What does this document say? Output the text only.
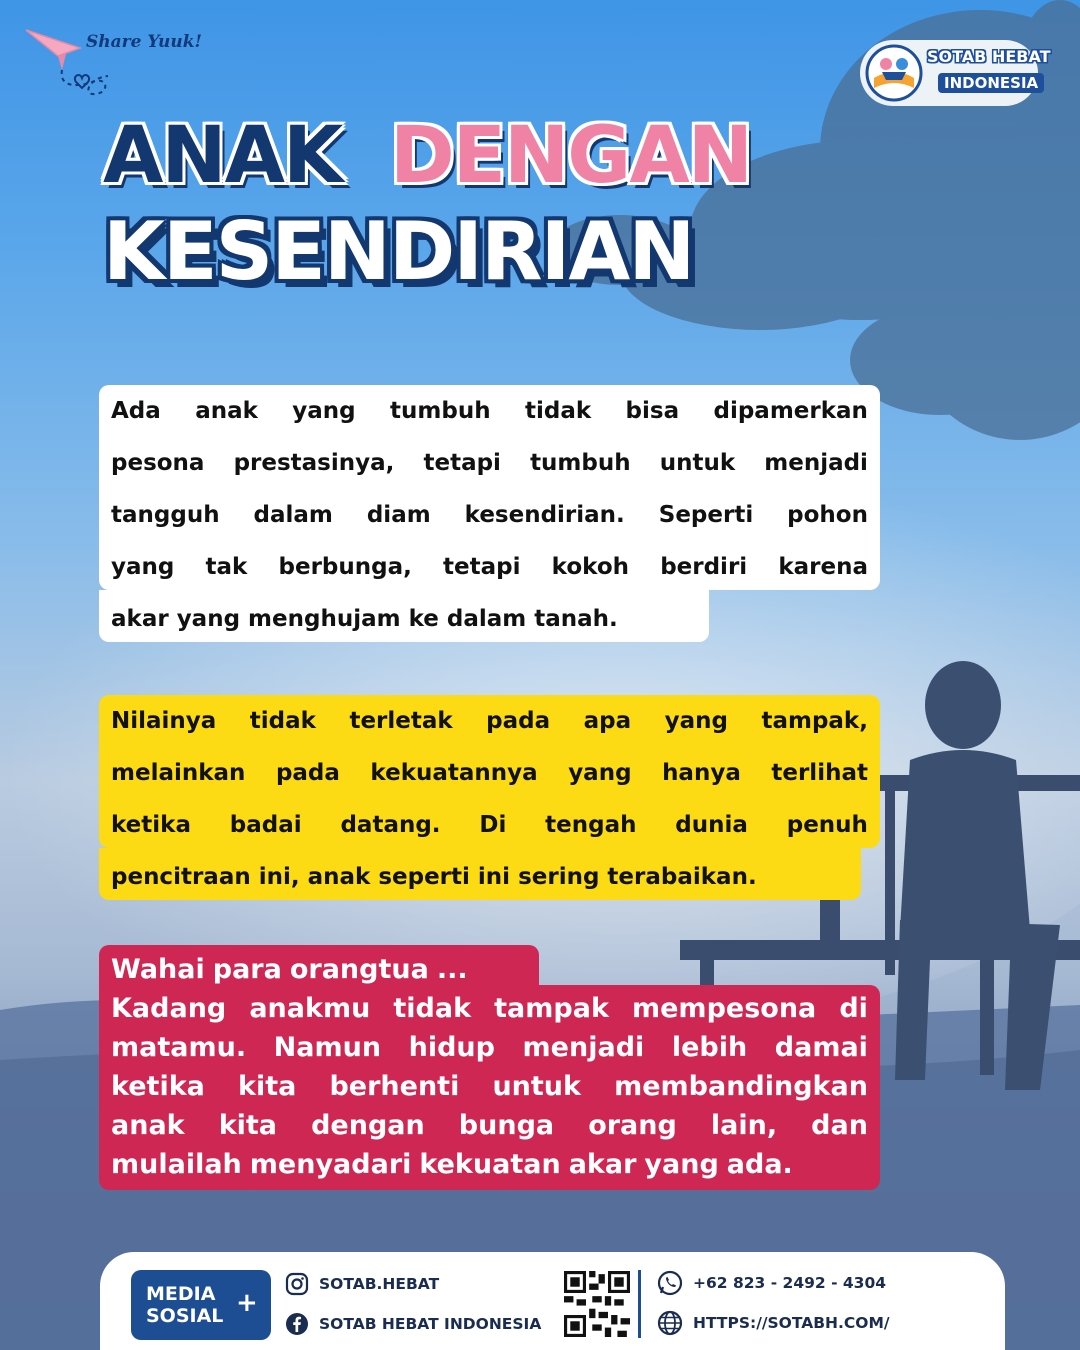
Share Yuuk!
SOTAB HEBAT
INDONESIA
ANAK DENGAN
KESENDIRIAN
Ada anak yang tumbuh tidak bisa dipamerkan
pesona prestasinya, tetapi tumbuh untuk menjadi
tangguh dalam diam kesendirian. Seperti pohon
yang tak berbunga, tetapi kokoh berdiri karena
akar yang menghujam ke dalam tanah.
Nilainya tidak terletak pada apa yang tampak,
melainkan pada kekuatannya yang hanya terlihat
ketika badai datang. Di tengah dunia penuh
pencitraan ini, anak seperti ini sering terabaikan.
Wahai para orangtua ...
Kadang anakmu tidak tampak mempesona di
matamu. Namun hidup menjadi lebih damai
ketika kita berhenti untuk membandingkan
anak kita dengan bunga orang lain, dan
mulailah menyadari kekuatan akar yang ada.
MEDIA
SOSIAL +
SOTAB.HEBAT
SOTAB HEBAT INDONESIA
+62 823 - 2492 - 4304
HTTPS://SOTABH.COM/
